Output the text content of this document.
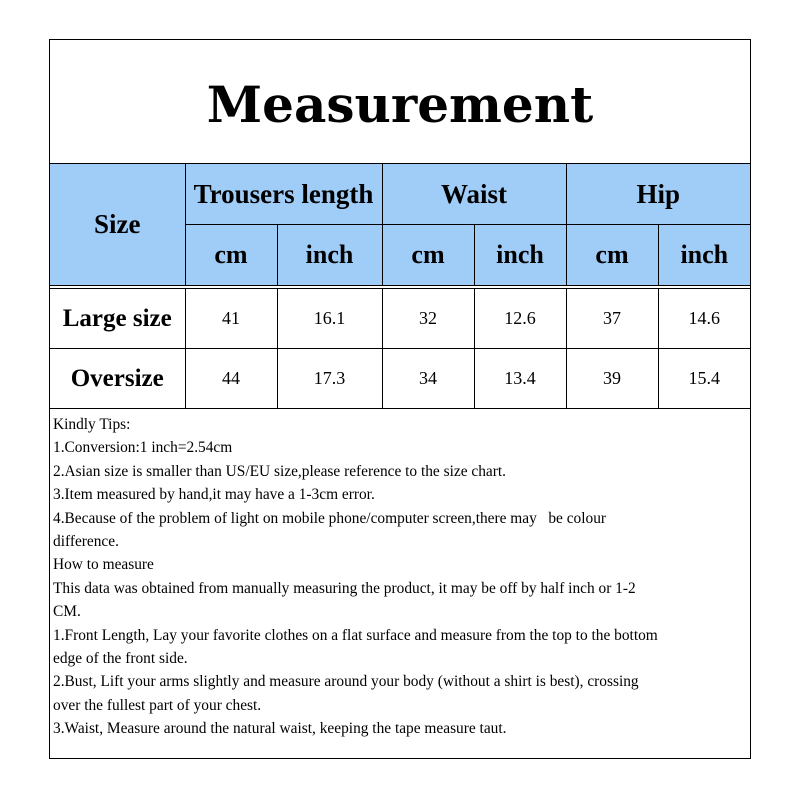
Measurement
Size	Trousers length		Waist		Hip	
	cm	inch	cm	inch	cm	inch

Large size	41	16.1	32	12.6	37	14.6
Oversize	44	17.3	34	13.4	39	15.4
Kindly Tips:
1.Conversion:1 inch=2.54cm
2.Asian size is smaller than US/EU size,please reference to the size chart.
3.Item measured by hand,it may have a 1-3cm error.
4.Because of the problem of light on mobile phone/computer screen,there may   be colour
difference.
How to measure
This data was obtained from manually measuring the product, it may be off by half inch or 1-2
CM.
1.Front Length, Lay your favorite clothes on a flat surface and measure from the top to the bottom
edge of the front side.
2.Bust, Lift your arms slightly and measure around your body (without a shirt is best), crossing
over the fullest part of your chest.
3.Waist, Measure around the natural waist, keeping the tape measure taut.
